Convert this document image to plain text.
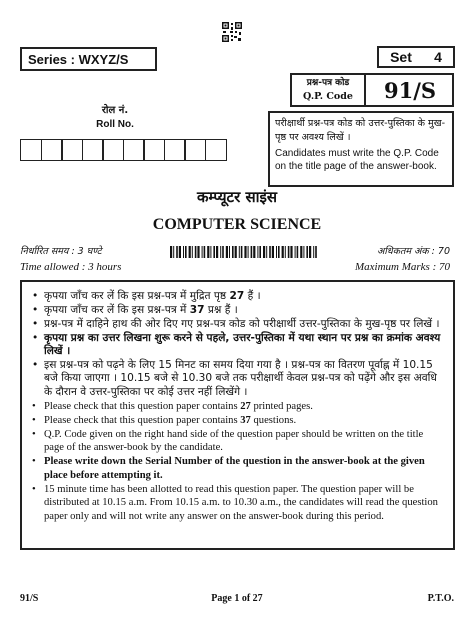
Series : WXYZ/S	Set 4
प्रश्न-पत्र कोड
Q.P. Code	91/S
रोल नं.
Roll No.	परीक्षार्थी प्रश्न-पत्र कोड को उत्तर-पुस्तिका के मुख-पृष्ठ पर अवश्य लिखें ।
Candidates must write the Q.P. Code on the title page of the answer-book.
कम्प्यूटर साइंस
COMPUTER SCIENCE
निर्धारित समय : 3 घण्टे
Time allowed : 3 hours
अधिकतम अंक : 70
Maximum Marks : 70
• कृपया जाँच कर लें कि इस प्रश्न-पत्र में मुद्रित पृष्ठ 27 हैं ।
• कृपया जाँच कर लें कि इस प्रश्न-पत्र में 37 प्रश्न हैं ।
• प्रश्न-पत्र में दाहिने हाथ की ओर दिए गए प्रश्न-पत्र कोड को परीक्षार्थी उत्तर-पुस्तिका के मुख-पृष्ठ पर लिखें ।
• कृपया प्रश्न का उत्तर लिखना शुरू करने से पहले, उत्तर-पुस्तिका में यथा स्थान पर प्रश्न का क्रमांक अवश्य लिखें ।
• इस प्रश्न-पत्र को पढ़ने के लिए 15 मिनट का समय दिया गया है । प्रश्न-पत्र का वितरण पूर्वाह्न में 10.15 बजे किया जाएगा । 10.15 बजे से 10.30 बजे तक परीक्षार्थी केवल प्रश्न-पत्र को पढ़ेंगे और इस अवधि के दौरान वे उत्तर-पुस्तिका पर कोई उत्तर नहीं लिखेंगे ।
• Please check that this question paper contains 27 printed pages.
• Please check that this question paper contains 37 questions.
• Q.P. Code given on the right hand side of the question paper should be written on the title page of the answer-book by the candidate.
• Please write down the Serial Number of the question in the answer-book at the given place before attempting it.
• 15 minute time has been allotted to read this question paper. The question paper will be distributed at 10.15 a.m. From 10.15 a.m. to 10.30 a.m., the candidates will read the question paper only and will not write any answer on the answer-book during this period.
91/S	Page 1 of 27	P.T.O.
